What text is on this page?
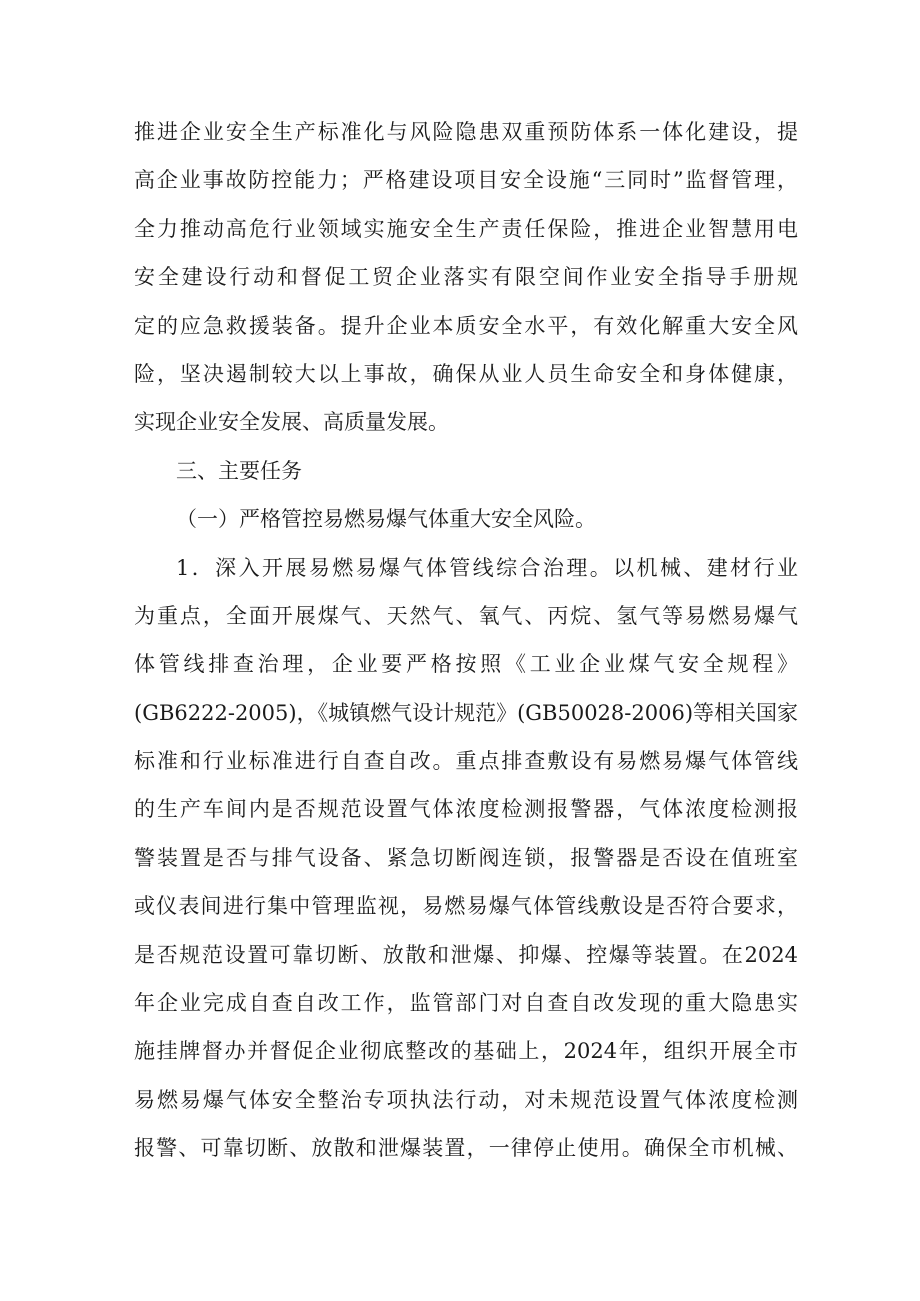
推进企业安全生产标准化与风险隐患双重预防体系一体化建设，提
高企业事故防控能力；严格建设项目安全设施“三同时”监督管理，
全力推动高危行业领域实施安全生产责任保险，推进企业智慧用电
安全建设行动和督促工贸企业落实有限空间作业安全指导手册规
定的应急救援装备。提升企业本质安全水平，有效化解重大安全风
险，坚决遏制较大以上事故，确保从业人员生命安全和身体健康，
实现企业安全发展、高质量发展。
三、主要任务
（一）严格管控易燃易爆气体重大安全风险。
1．深入开展易燃易爆气体管线综合治理。以机械、建材行业
为重点，全面开展煤气、天然气、氧气、丙烷、氢气等易燃易爆气
体管线排查治理，企业要严格按照《工业企业煤气安全规程》
(GB6222-2005)，《城镇燃气设计规范》(GB50028-2006)等相关国家
标准和行业标准进行自查自改。重点排查敷设有易燃易爆气体管线
的生产车间内是否规范设置气体浓度检测报警器，气体浓度检测报
警装置是否与排气设备、紧急切断阀连锁，报警器是否设在值班室
或仪表间进行集中管理监视，易燃易爆气体管线敷设是否符合要求，
是否规范设置可靠切断、放散和泄爆、抑爆、控爆等装置。在2024
年企业完成自查自改工作，监管部门对自查自改发现的重大隐患实
施挂牌督办并督促企业彻底整改的基础上，2024年，组织开展全市
易燃易爆气体安全整治专项执法行动，对未规范设置气体浓度检测
报警、可靠切断、放散和泄爆装置，一律停止使用。确保全市机械、
